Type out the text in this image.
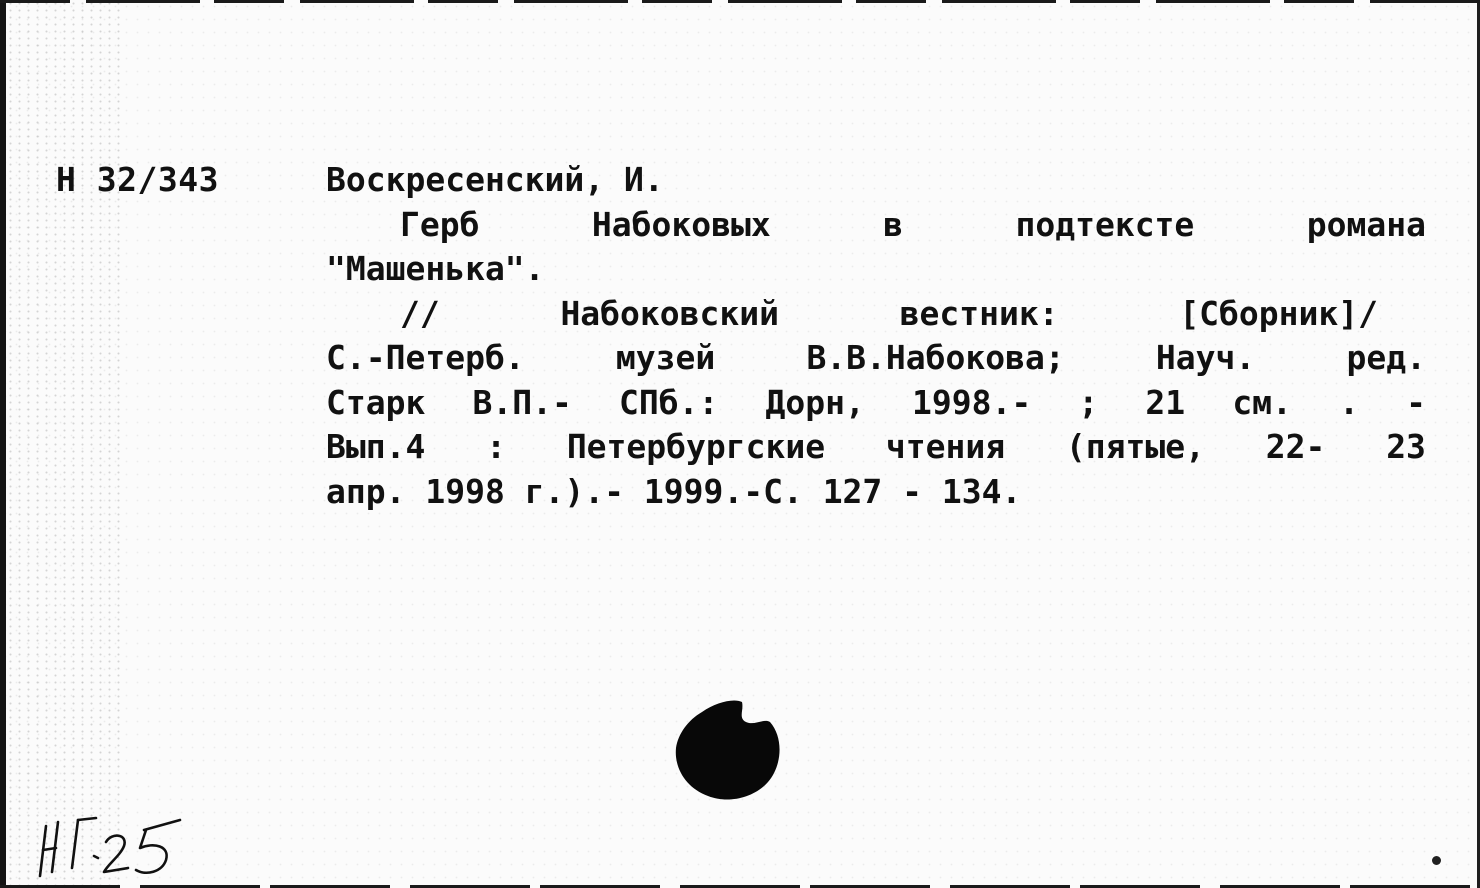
Н 32/343	Воскресенский, И.
Герб	Набоковых	в	подтексте	романа
"Машенька".
//	Набоковский	вестник:	[Сборник]/
С.-Петерб.	музей	В.В.Набокова;	Науч.	ред.
Старк В.П.- СПб.: Дорн, 1998.- ; 21 см. . -
Вып.4 : Петербургские чтения (пятые, 22- 23
апр. 1998 г.).- 1999.-С. 127 - 134.
